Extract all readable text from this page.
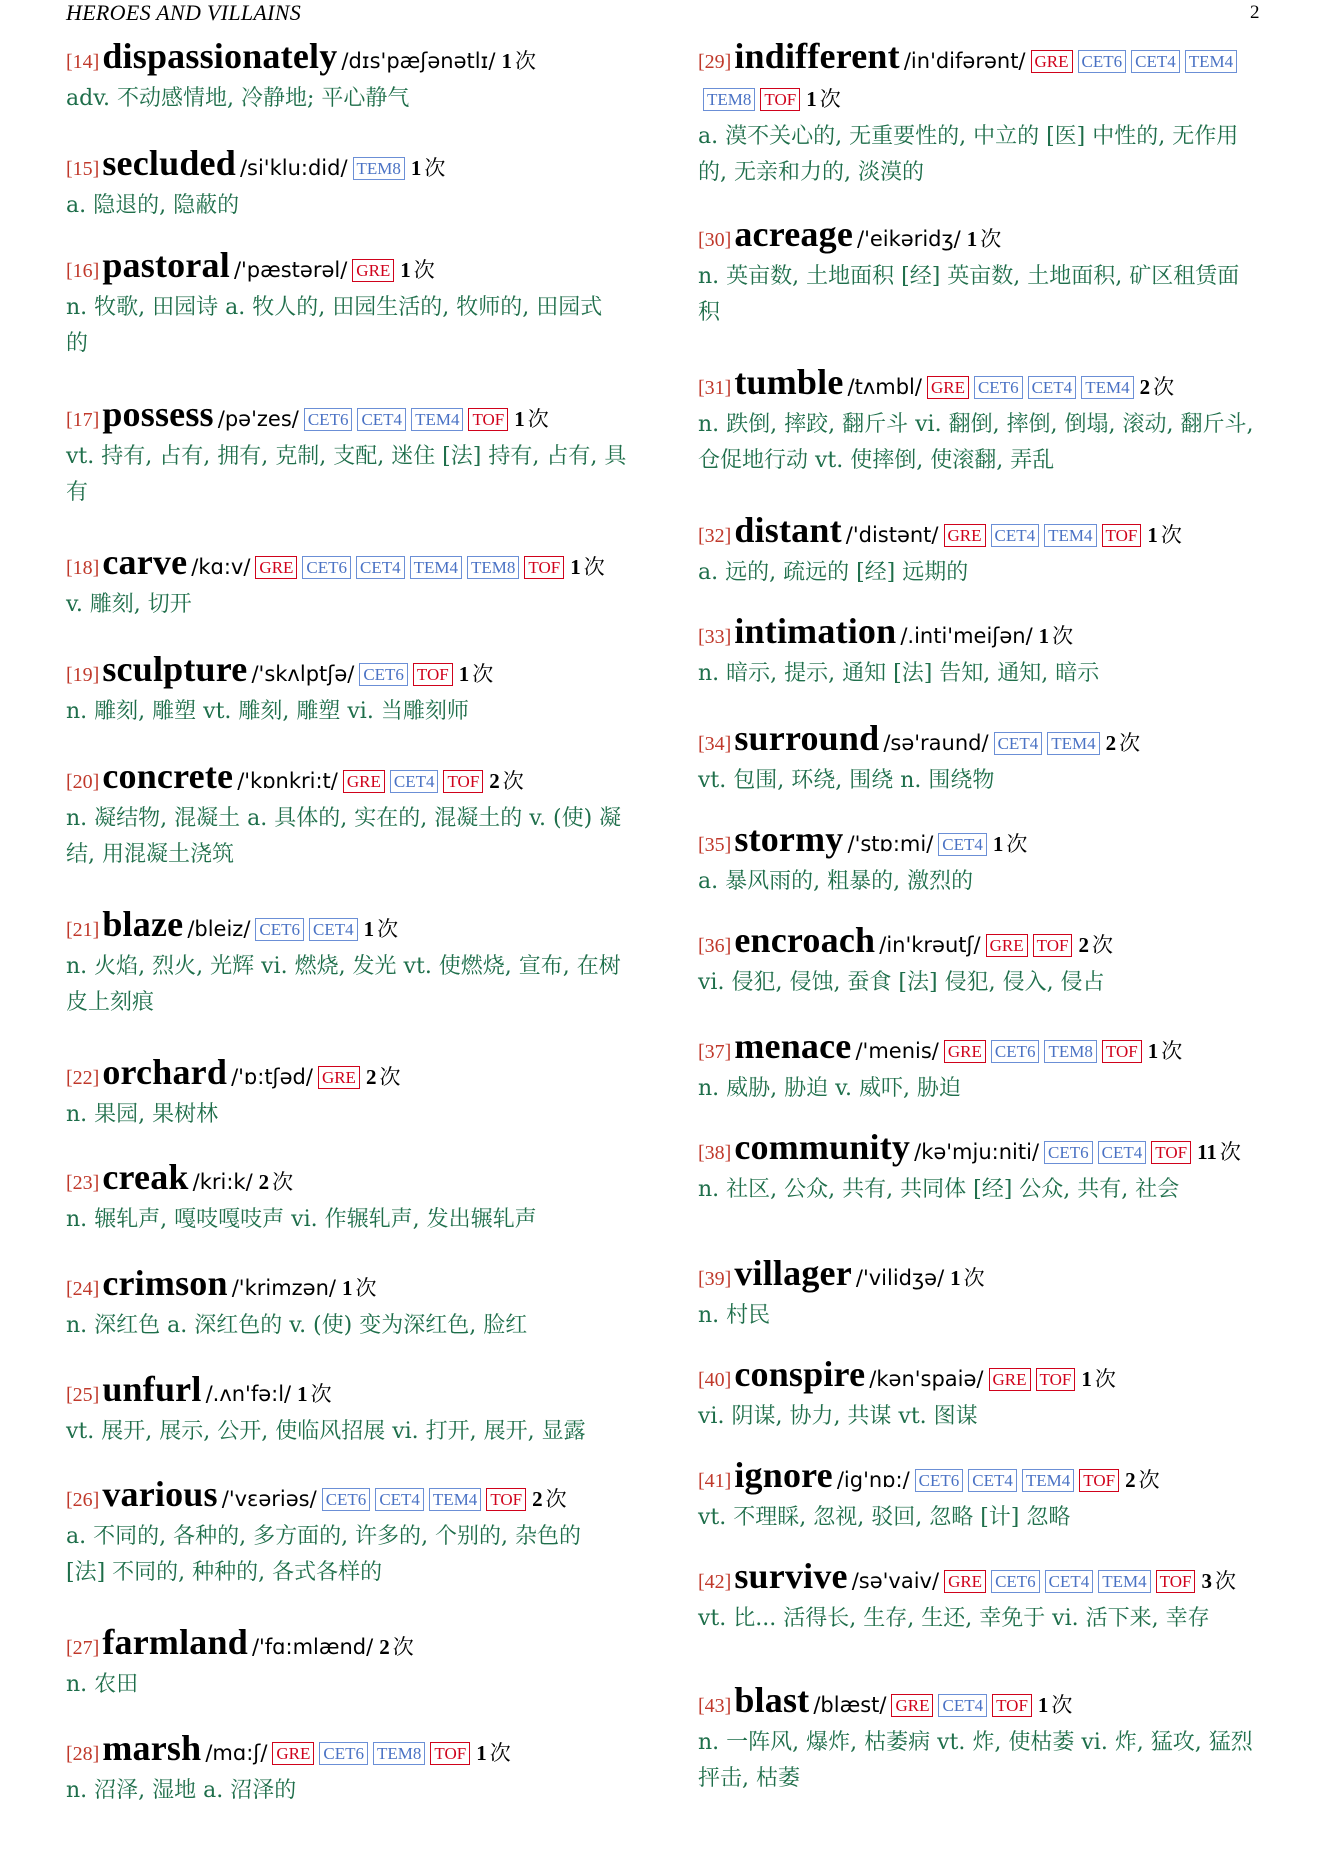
HEROES AND VILLAINS	2
[14]dispassionately /dɪs'pæʃənətlɪ/ 1 次
adv. 不动感情地, 冷静地; 平心静气
[15]secluded /si'klu:did/ TEM8 1 次
a. 隐退的, 隐蔽的
[16]pastoral /'pæstərəl/ GRE 1 次
n. 牧歌, 田园诗 a. 牧人的, 田园生活的, 牧师的, 田园式
的
[17]possess /pə'zes/ CET6 CET4 TEM4 TOF 1 次
vt. 持有, 占有, 拥有, 克制, 支配, 迷住 [法] 持有, 占有, 具
有
[18]carve /kɑ:v/ GRE CET6 CET4 TEM4 TEM8 TOF 1 次
v. 雕刻, 切开
[19]sculpture /'skʌlptʃə/ CET6 TOF 1 次
n. 雕刻, 雕塑 vt. 雕刻, 雕塑 vi. 当雕刻师
[20]concrete /'kɒnkri:t/ GRE CET4 TOF 2 次
n. 凝结物, 混凝土 a. 具体的, 实在的, 混凝土的 v. (使) 凝
结, 用混凝土浇筑
[21]blaze /bleiz/ CET6 CET4 1 次
n. 火焰, 烈火, 光辉 vi. 燃烧, 发光 vt. 使燃烧, 宣布, 在树
皮上刻痕
[22]orchard /'ɒ:tʃəd/ GRE 2 次
n. 果园, 果树林
[23]creak /kri:k/ 2 次
n. 辗轧声, 嘎吱嘎吱声 vi. 作辗轧声, 发出辗轧声
[24]crimson /'krimzən/ 1 次
n. 深红色 a. 深红色的 v. (使) 变为深红色, 脸红
[25]unfurl /.ʌn'fə:l/ 1 次
vt. 展开, 展示, 公开, 使临风招展 vi. 打开, 展开, 显露
[26]various /'vɛəriəs/ CET6 CET4 TEM4 TOF 2 次
a. 不同的, 各种的, 多方面的, 许多的, 个别的, 杂色的
[法] 不同的, 种种的, 各式各样的
[27]farmland /'fɑ:mlænd/ 2 次
n. 农田
[28]marsh /mɑ:ʃ/ GRE CET6 TEM8 TOF 1 次
n. 沼泽, 湿地 a. 沼泽的
[29]indifferent /in'difərənt/ GRE CET6 CET4 TEM4TEM8 TOF 1 次
a. 漠不关心的, 无重要性的, 中立的 [医] 中性的, 无作用
的, 无亲和力的, 淡漠的
[30]acreage /'eikəridʒ/ 1 次
n. 英亩数, 土地面积 [经] 英亩数, 土地面积, 矿区租赁面
积
[31]tumble /tʌmbl/ GRE CET6 CET4 TEM4 2 次
n. 跌倒, 摔跤, 翻斤斗 vi. 翻倒, 摔倒, 倒塌, 滚动, 翻斤斗,
仓促地行动 vt. 使摔倒, 使滚翻, 弄乱
[32]distant /'distənt/ GRE CET4 TEM4 TOF 1 次
a. 远的, 疏远的 [经] 远期的
[33]intimation /.inti'meiʃən/ 1 次
n. 暗示, 提示, 通知 [法] 告知, 通知, 暗示
[34]surround /sə'raund/ CET4 TEM4 2 次
vt. 包围, 环绕, 围绕 n. 围绕物
[35]stormy /'stɒ:mi/ CET4 1 次
a. 暴风雨的, 粗暴的, 激烈的
[36]encroach /in'krəutʃ/ GRE TOF 2 次
vi. 侵犯, 侵蚀, 蚕食 [法] 侵犯, 侵入, 侵占
[37]menace /'menis/ GRE CET6 TEM8 TOF 1 次
n. 威胁, 胁迫 v. 威吓, 胁迫
[38]community /kə'mju:niti/ CET6 CET4 TOF 11 次
n. 社区, 公众, 共有, 共同体 [经] 公众, 共有, 社会
[39]villager /'vilidʒə/ 1 次
n. 村民
[40]conspire /kən'spaiə/ GRE TOF 1 次
vi. 阴谋, 协力, 共谋 vt. 图谋
[41]ignore /ig'nɒ:/ CET6 CET4 TEM4 TOF 2 次
vt. 不理睬, 忽视, 驳回, 忽略 [计] 忽略
[42]survive /sə'vaiv/ GRE CET6 CET4 TEM4 TOF 3 次
vt. 比... 活得长, 生存, 生还, 幸免于 vi. 活下来, 幸存
[43]blast /blæst/ GRE CET4 TOF 1 次
n. 一阵风, 爆炸, 枯萎病 vt. 炸, 使枯萎 vi. 炸, 猛攻, 猛烈
抨击, 枯萎
